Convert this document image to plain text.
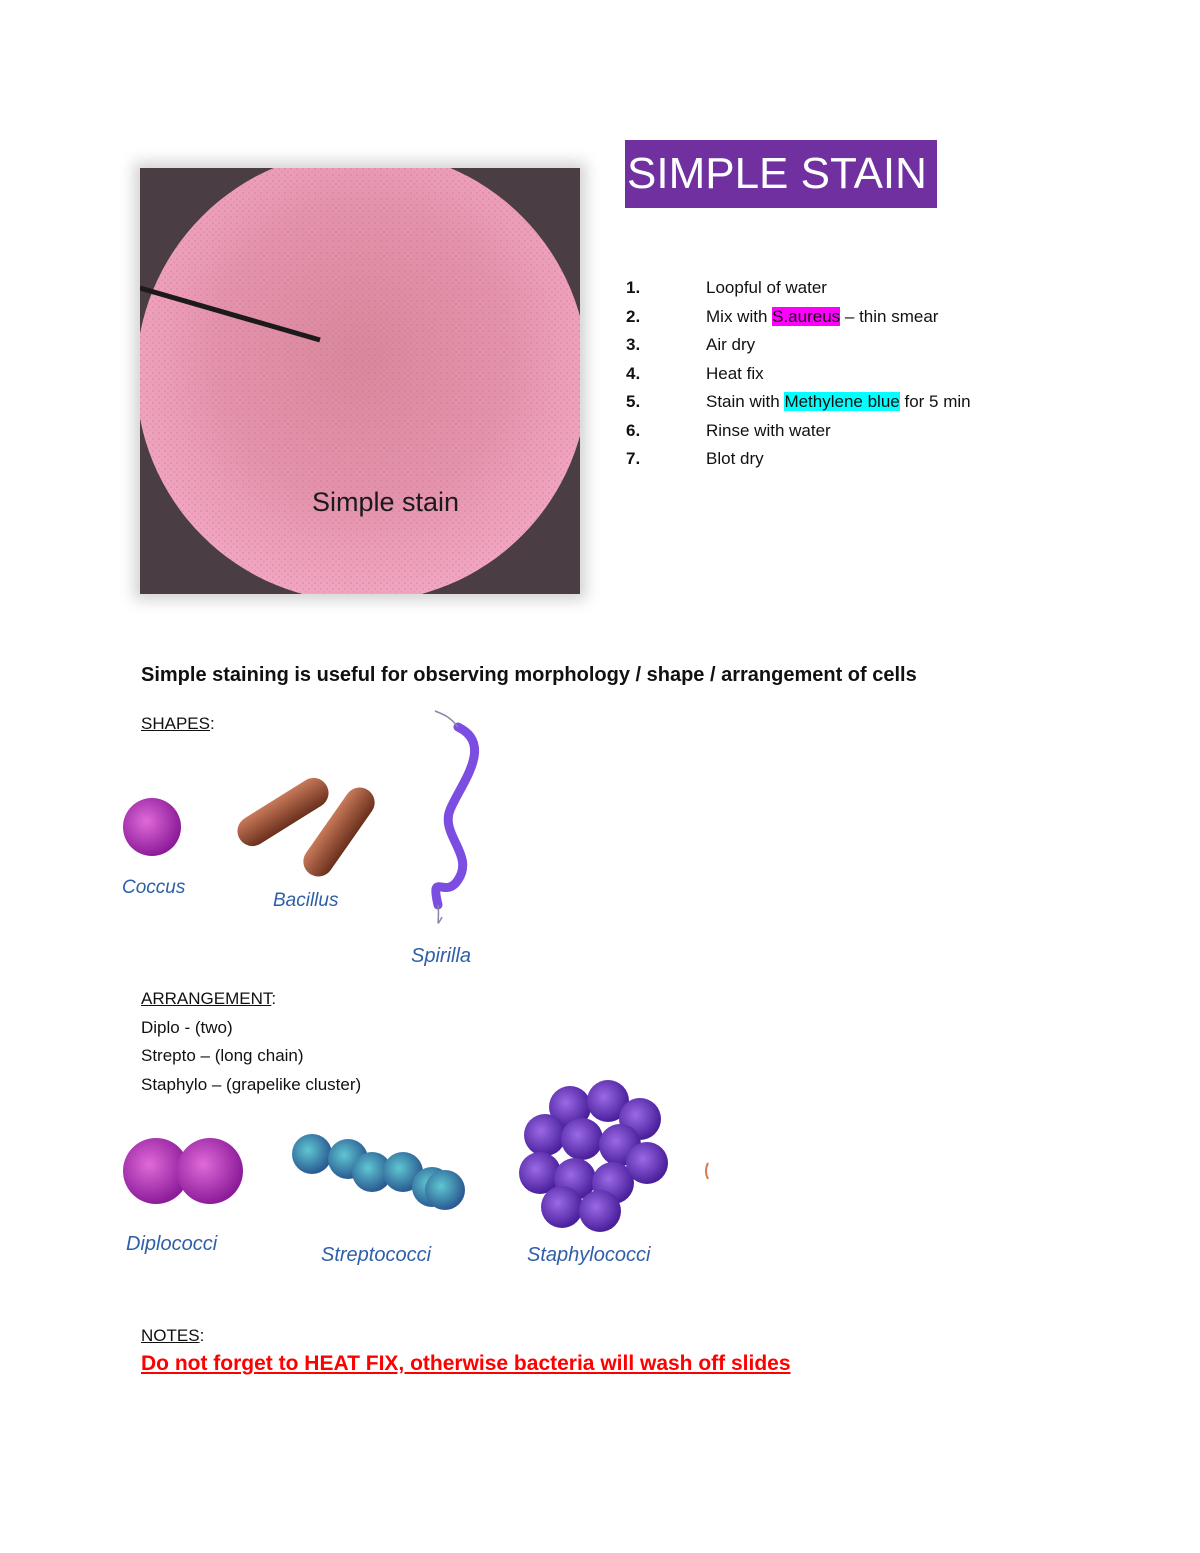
Simple stain
SIMPLE STAIN
1.	Loopful of water
2.	Mix with S.aureus – thin smear
3.	Air dry
4.	Heat fix
5.	Stain with Methylene blue for 5 min
6.	Rinse with water
7.	Blot dry
Simple staining is useful for observing morphology / shape / arrangement of cells
SHAPES:
Coccus
Bacillus
Spirilla
ARRANGEMENT:
Diplo - (two)
Strepto – (long chain)
Staphylo – (grapelike cluster)
Diplococci	Streptococci	Staphylococci
NOTES:
Do not forget to HEAT FIX, otherwise bacteria will wash off slides
